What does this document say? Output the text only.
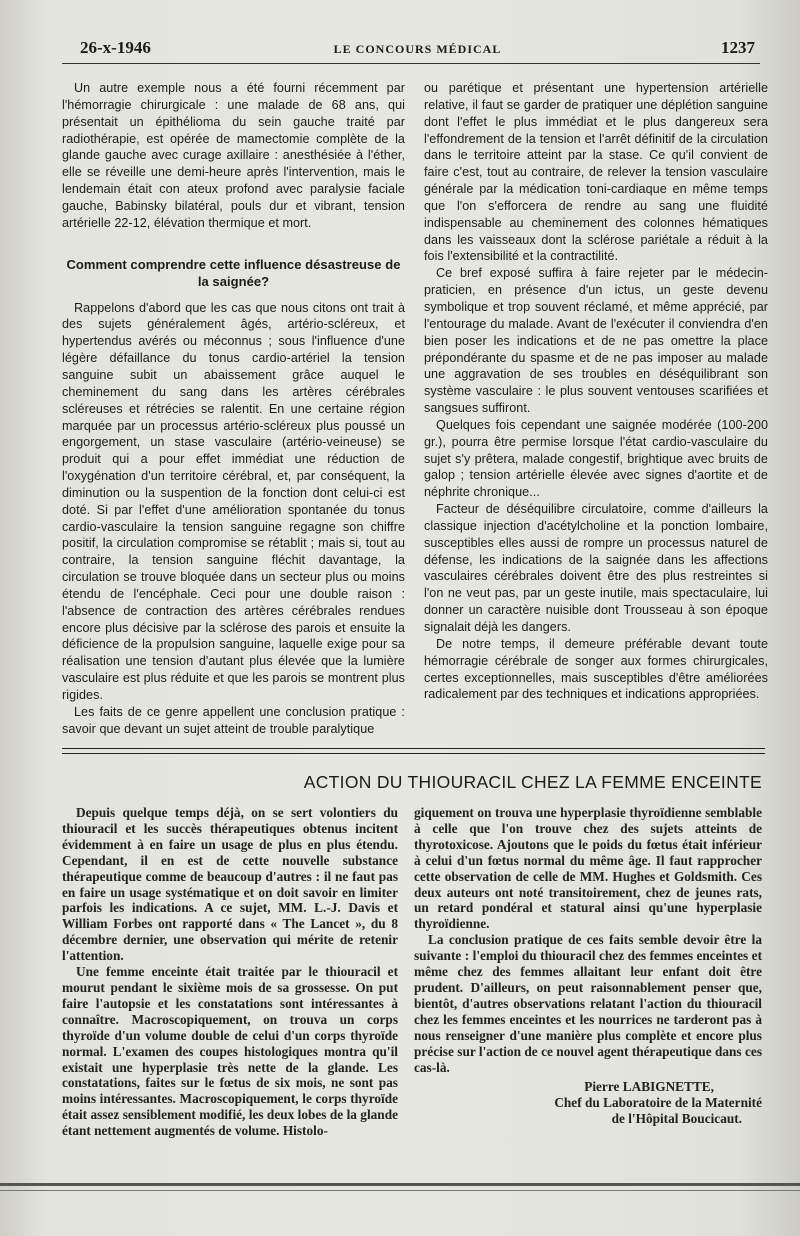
26-x-1946	LE CONCOURS MÉDICAL	1237

Un autre exemple nous a été fourni récemment par l'hémorragie chirurgicale : une malade de 68 ans, qui présentait un épithélioma du sein gauche traité par radiothérapie, est opérée de mamectomie complète de la glande gauche avec curage axillaire : anesthésiée à l'éther, elle se réveille une demi-heure après l'intervention, mais le lendemain était con ateux profond avec paralysie faciale gauche, Babinsky bilatéral, pouls dur et vibrant, tension artérielle 22-12, élévation thermique et mort.

Comment comprendre cette influence désastreuse de la saignée?

Rappelons d'abord que les cas que nous citons ont trait à des sujets généralement âgés, artério-scléreux, et hypertendus avérés ou méconnus ; sous l'influence d'une légère défaillance du tonus cardio-artériel la tension sanguine subit un abaissement grâce auquel le cheminement du sang dans les artères cérébrales scléreuses et rétrécies se ralentit. En une certaine région marquée par un processus artério-scléreux plus poussé un engorgement, un stase vasculaire (artério-veineuse) se produit qui a pour effet immédiat une réduction de l'oxygénation d'un territoire cérébral, et, par conséquent, la diminution ou la suspention de la fonction dont celui-ci est doté. Si par l'effet d'une amélioration spontanée du tonus cardio-vasculaire la tension sanguine regagne son chiffre positif, la circulation compromise se rétablit ; mais si, tout au contraire, la tension sanguine fléchit davantage, la circulation se trouve bloquée dans un secteur plus ou moins étendu de l'encéphale. Ceci pour une double raison : l'absence de contraction des artères cérébrales rendues encore plus décisive par la sclérose des parois et ensuite la déficience de la propulsion sanguine, laquelle exige pour sa réalisation une tension d'autant plus élevée que la lumière vasculaire est plus réduite et que les parois se montrent plus rigides.

Les faits de ce genre appellent une conclusion pratique : savoir que devant un sujet atteint de trouble paralytique

ou parétique et présentant une hypertension artérielle relative, il faut se garder de pratiquer une déplétion sanguine dont l'effet le plus immédiat et le plus dangereux sera l'effondrement de la tension et l'arrêt définitif de la circulation dans le territoire atteint par la stase. Ce qu'il convient de faire c'est, tout au contraire, de relever la tension vasculaire générale par la médication toni-cardiaque en même temps que l'on s'efforcera de rendre au sang une fluidité indispensable au cheminement des colonnes hématiques dans les vaisseaux dont la sclérose pariétale a réduit à la fois l'extensibilité et la contractilité.

Ce bref exposé suffira à faire rejeter par le médecin-praticien, en présence d'un ictus, un geste devenu symbolique et trop souvent réclamé, et même apprécié, par l'entourage du malade. Avant de l'exécuter il conviendra d'en bien poser les indications et de ne pas omettre la place prépondérante du spasme et de ne pas imposer au malade une aggravation de ses troubles en déséquilibrant son système vasculaire : le plus souvent ventouses scarifiées et sangsues suffiront.

Quelques fois cependant une saignée modérée (100-200 gr.), pourra être permise lorsque l'état cardio-vasculaire du sujet s'y prêtera, malade congestif, brightique avec bruits de galop ; tension artérielle élevée avec signes d'aortite et de néphrite chronique...

Facteur de déséquilibre circulatoire, comme d'ailleurs la classique injection d'acétylcholine et la ponction lombaire, susceptibles elles aussi de rompre un processus naturel de défense, les indications de la saignée dans les affections vasculaires cérébrales doivent être des plus restreintes si l'on ne veut pas, par un geste inutile, mais spectaculaire, lui donner un caractère nuisible dont Trousseau à son époque signalait déjà les dangers.

De notre temps, il demeure préférable devant toute hémorragie cérébrale de songer aux formes chirurgicales, certes exceptionnelles, mais susceptibles d'être améliorées radicalement par des techniques et indications appropriées.

ACTION DU THIOURACIL CHEZ LA FEMME ENCEINTE

Depuis quelque temps déjà, on se sert volontiers du thiouracil et les succès thérapeutiques obtenus incitent évidemment à en faire un usage de plus en plus étendu. Cependant, il en est de cette nouvelle substance thérapeutique comme de beaucoup d'autres : il ne faut pas en faire un usage systématique et on doit savoir en limiter parfois les indications. A ce sujet, MM. L.-J. Davis et William Forbes ont rapporté dans « The Lancet », du 8 décembre dernier, une observation qui mérite de retenir l'attention.

Une femme enceinte était traitée par le thiouracil et mourut pendant le sixième mois de sa grossesse. On put faire l'autopsie et les constatations sont intéressantes à connaître. Macroscopiquement, on trouva un corps thyroïde d'un volume double de celui d'un corps thyroïde normal. L'examen des coupes histologiques montra qu'il existait une hyperplasie très nette de la glande. Les constatations, faites sur le fœtus de six mois, ne sont pas moins intéressantes. Macroscopiquement, le corps thyroïde était assez sensiblement modifié, les deux lobes de la glande étant nettement augmentés de volume. Histolo-

giquement on trouva une hyperplasie thyroïdienne semblable à celle que l'on trouve chez des sujets atteints de thyrotoxicose. Ajoutons que le poids du fœtus était inférieur à celui d'un fœtus normal du même âge. Il faut rapprocher cette observation de celle de MM. Hughes et Goldsmith. Ces deux auteurs ont noté transitoirement, chez de jeunes rats, un retard pondéral et statural ainsi qu'une hyperplasie thyroïdienne.

La conclusion pratique de ces faits semble devoir être la suivante : l'emploi du thiouracil chez des femmes enceintes et même chez des femmes allaitant leur enfant doit être prudent. D'ailleurs, on peut raisonnablement penser que, bientôt, d'autres observations relatant l'action du thiouracil chez les femmes enceintes et les nourrices ne tarderont pas à nous renseigner d'une manière plus complète et encore plus précise sur l'action de ce nouvel agent thérapeutique dans ces cas-là.

Pierre LABIGNETTE,
Chef du Laboratoire de la Maternité
de l'Hôpital Boucicaut.
